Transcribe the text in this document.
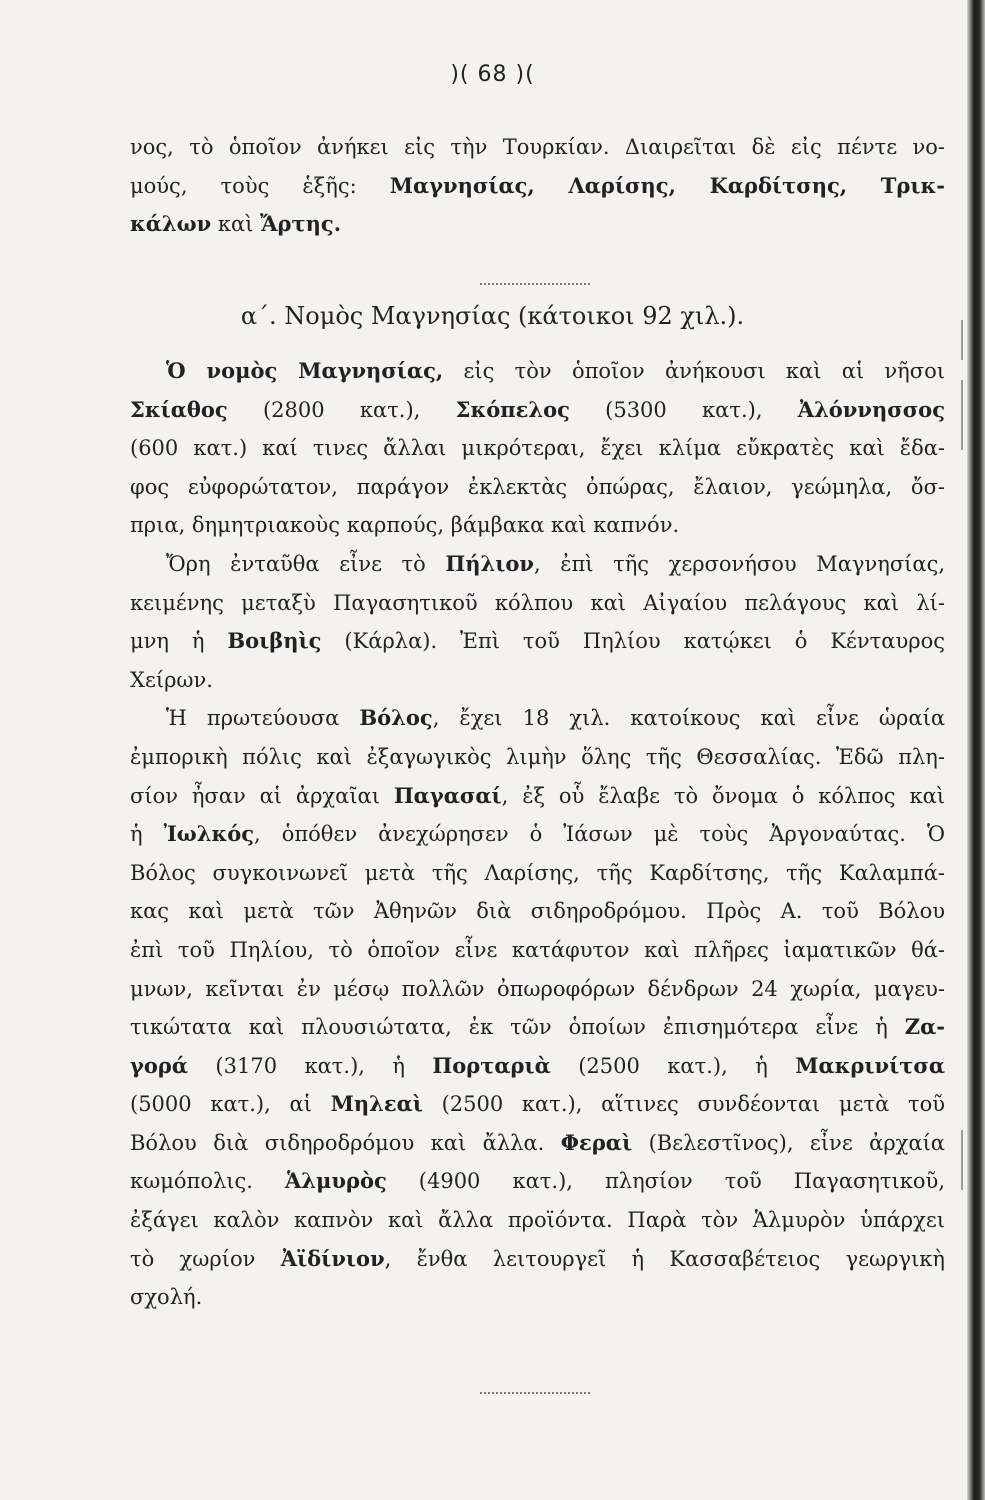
)( 68 )(
νος, τὸ ὁποῖον ἀνήκει εἰς τὴν Τουρκίαν. Διαιρεῖται δὲ εἰς πέντε νο-
μούς, τοὺς ἑξῆς: Μαγνησίας, Λαρίσης, Καρδίτσης, Τρικ-
κάλων καὶ Ἄρτης.
α΄. Νομὸς Μαγνησίας (κάτοικοι 92 χιλ.).
Ὁ νομὸς Μαγνησίας, εἰς τὸν ὁποῖον ἀνήκουσι καὶ αἱ νῆσοι
Σκίαθος (2800 κατ.), Σκόπελος (5300 κατ.), Ἀλόννησσος
(600 κατ.) καί τινες ἄλλαι μικρότεραι, ἔχει κλίμα εὔκρατὲς καὶ ἔδα-
φος εὐφορώτατον, παράγον ἐκλεκτὰς ὀπώρας, ἔλαιον, γεώμηλα, ὄσ-
πρια, δημητριακοὺς καρπούς, βάμβακα καὶ καπνόν.
Ὄρη ἐνταῦθα εἶνε τὸ Πήλιον, ἐπὶ τῆς χερσονήσου Μαγνησίας,
κειμένης μεταξὺ Παγασητικοῦ κόλπου καὶ Αἰγαίου πελάγους καὶ λί-
μνη ἡ Βοιβηὶς (Κάρλα). Ἐπὶ τοῦ Πηλίου κατῴκει ὁ Κένταυρος
Χείρων.
Ἡ πρωτεύουσα Βόλος, ἔχει 18 χιλ. κατοίκους καὶ εἶνε ὡραία
ἐμπορικὴ πόλις καὶ ἐξαγωγικὸς λιμὴν ὅλης τῆς Θεσσαλίας. Ἐδῶ πλη-
σίον ἦσαν αἱ ἀρχαῖαι Παγασαί, ἐξ οὗ ἔλαβε τὸ ὄνομα ὁ κόλπος καὶ
ἡ Ἰωλκός, ὁπόθεν ἀνεχώρησεν ὁ Ἰάσων μὲ τοὺς Ἀργοναύτας. Ὁ
Βόλος συγκοινωνεῖ μετὰ τῆς Λαρίσης, τῆς Καρδίτσης, τῆς Καλαμπά-
κας καὶ μετὰ τῶν Ἀθηνῶν διὰ σιδηροδρόμου. Πρὸς Α. τοῦ Βόλου
ἐπὶ τοῦ Πηλίου, τὸ ὁποῖον εἶνε κατάφυτον καὶ πλῆρες ἰαματικῶν θά-
μνων, κεῖνται ἐν μέσῳ πολλῶν ὀπωροφόρων δένδρων 24 χωρία, μαγευ-
τικώτατα καὶ πλουσιώτατα, ἐκ τῶν ὁποίων ἐπισημότερα εἶνε ἡ Ζα-
γορά (3170 κατ.), ἡ Πορταριὰ (2500 κατ.), ἡ Μακρινίτσα
(5000 κατ.), αἱ Μηλεαὶ (2500 κατ.), αἵτινες συνδέονται μετὰ τοῦ
Βόλου διὰ σιδηροδρόμου καὶ ἄλλα. Φεραὶ (Βελεστῖνος), εἶνε ἀρχαία
κωμόπολις. Ἁλμυρὸς (4900 κατ.), πλησίον τοῦ Παγασητικοῦ,
ἐξάγει καλὸν καπνὸν καὶ ἄλλα προϊόντα. Παρὰ τὸν Ἁλμυρὸν ὑπάρχει
τὸ χωρίον Ἀϊδίνιον, ἔνθα λειτουργεῖ ἡ Κασσαβέτειος γεωργικὴ
σχολή.
